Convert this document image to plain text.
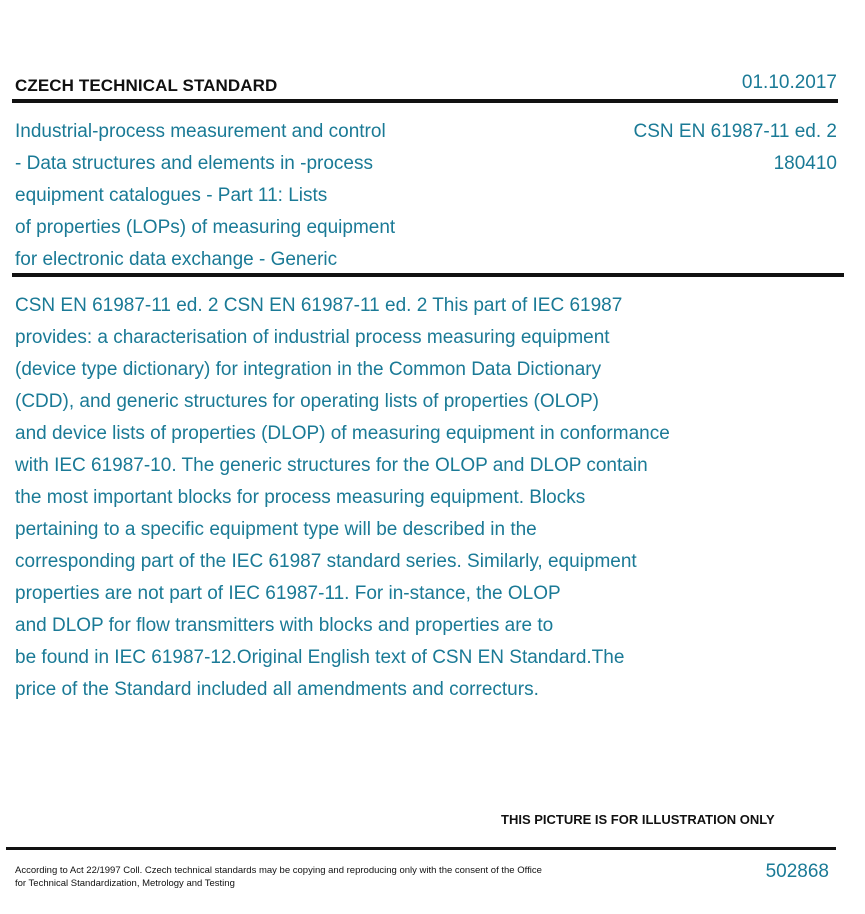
CZECH TECHNICAL STANDARD	01.10.2017
Industrial-process measurement and control
- Data structures and elements in -process
equipment catalogues - Part 11: Lists
of properties (LOPs) of measuring equipment
for electronic data exchange - Generic
CSN EN 61987-11 ed. 2
180410

CSN EN 61987-11 ed. 2 CSN EN 61987-11 ed. 2 This part of IEC 61987

provides: a characterisation of industrial process measuring equipment

(device type dictionary) for integration in the Common Data Dictionary

(CDD), and generic structures for operating lists of properties (OLOP)

and device lists of properties (DLOP) of measuring equipment in conformance

with IEC 61987-10. The generic structures for the OLOP and DLOP contain

the most important blocks for process measuring equipment. Blocks

pertaining to a specific equipment type will be described in the

corresponding part of the IEC 61987 standard series. Similarly, equipment

properties are not part of IEC 61987-11. For in-stance, the OLOP

and DLOP for flow transmitters with blocks and properties are to

be found in IEC 61987-12.Original English text of CSN EN Standard.The

price of the Standard included all amendments and correcturs.

THIS PICTURE IS FOR ILLUSTRATION ONLY
According to Act 22/1997 Coll. Czech technical standards may be copying and reproducing only with the consent of the Office
for Technical Standardization, Metrology and Testing
502868
